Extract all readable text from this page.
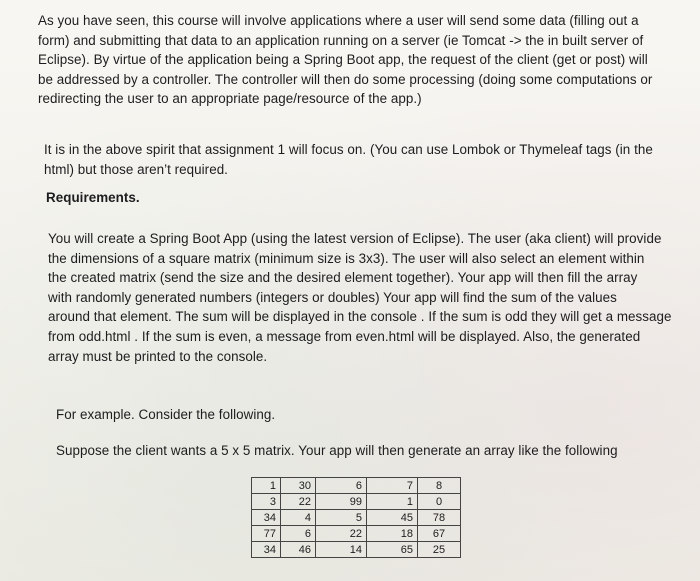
As you have seen, this course will involve applications where a user will send some data (filling out a
form) and submitting that data to an application running on a server (ie Tomcat -> the in built server of
Eclipse). By virtue of the application being a Spring Boot app, the request of the client (get or post) will
be addressed by a controller. The controller will then do some processing (doing some computations or
redirecting the user to an appropriate page/resource of the app.)

It is in the above spirit that assignment 1 will focus on. (You can use Lombok or Thymeleaf tags (in the
html) but those aren’t required.

Requirements.

You will create a Spring Boot App (using the latest version of Eclipse). The user (aka client) will provide
the dimensions of a square matrix (minimum size is 3x3). The user will also select an element within
the created matrix (send the size and the desired element together). Your app will then fill the array
with randomly generated numbers (integers or doubles) Your app will find the sum of the values
around that element. The sum will be displayed in the console . If the sum is odd they will get a message
from odd.html . If the sum is even, a message from even.html will be displayed. Also, the generated
array must be printed to the console.

For example. Consider the following.

Suppose the client wants a 5 x 5 matrix. Your app will then generate an array like the following

1	30	6	7	8
3	22	99	1	0
34	4	5	45	78
77	6	22	18	67
34	46	14	65	25
